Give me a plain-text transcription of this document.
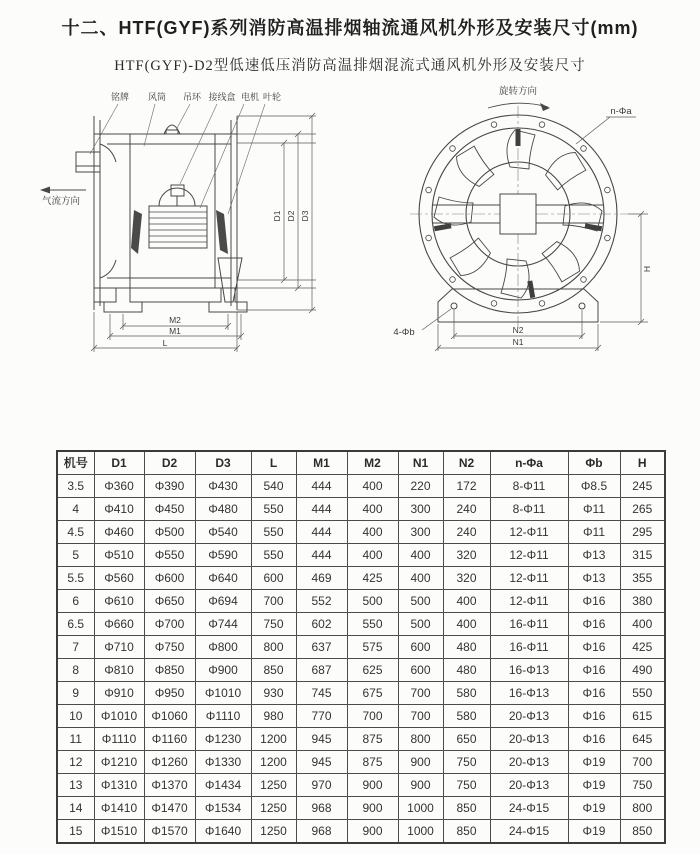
十二、HTF(GYF)系列消防高温排烟轴流通风机外形及安装尺寸(mm)
HTF(GYF)-D2型低速低压消防高温排烟混流式通风机外形及安装尺寸
气流方向
铭牌 风筒 吊环 接线盒 电机 叶轮
D1 D2 D3
M2
M1
L
旋转方向
N2
N1
H
n-Φa
4-Φb
机号	D1	D2	D3	L	M1	M2	N1	N2	n-Φa	Φb	H
3.5	Φ360	Φ390	Φ430	540	444	400	220	172	8-Φ11	Φ8.5	245
4	Φ410	Φ450	Φ480	550	444	400	300	240	8-Φ11	Φ11	265
4.5	Φ460	Φ500	Φ540	550	444	400	300	240	12-Φ11	Φ11	295
5	Φ510	Φ550	Φ590	550	444	400	400	320	12-Φ11	Φ13	315
5.5	Φ560	Φ600	Φ640	600	469	425	400	320	12-Φ11	Φ13	355
6	Φ610	Φ650	Φ694	700	552	500	500	400	12-Φ11	Φ16	380
6.5	Φ660	Φ700	Φ744	750	602	550	500	400	16-Φ11	Φ16	400
7	Φ710	Φ750	Φ800	800	637	575	600	480	16-Φ11	Φ16	425
8	Φ810	Φ850	Φ900	850	687	625	600	480	16-Φ13	Φ16	490
9	Φ910	Φ950	Φ1010	930	745	675	700	580	16-Φ13	Φ16	550
10	Φ1010	Φ1060	Φ1110	980	770	700	700	580	20-Φ13	Φ16	615
11	Φ1110	Φ1160	Φ1230	1200	945	875	800	650	20-Φ13	Φ16	645
12	Φ1210	Φ1260	Φ1330	1200	945	875	900	750	20-Φ13	Φ19	700
13	Φ1310	Φ1370	Φ1434	1250	970	900	900	750	20-Φ13	Φ19	750
14	Φ1410	Φ1470	Φ1534	1250	968	900	1000	850	24-Φ15	Φ19	800
15	Φ1510	Φ1570	Φ1640	1250	968	900	1000	850	24-Φ15	Φ19	850
